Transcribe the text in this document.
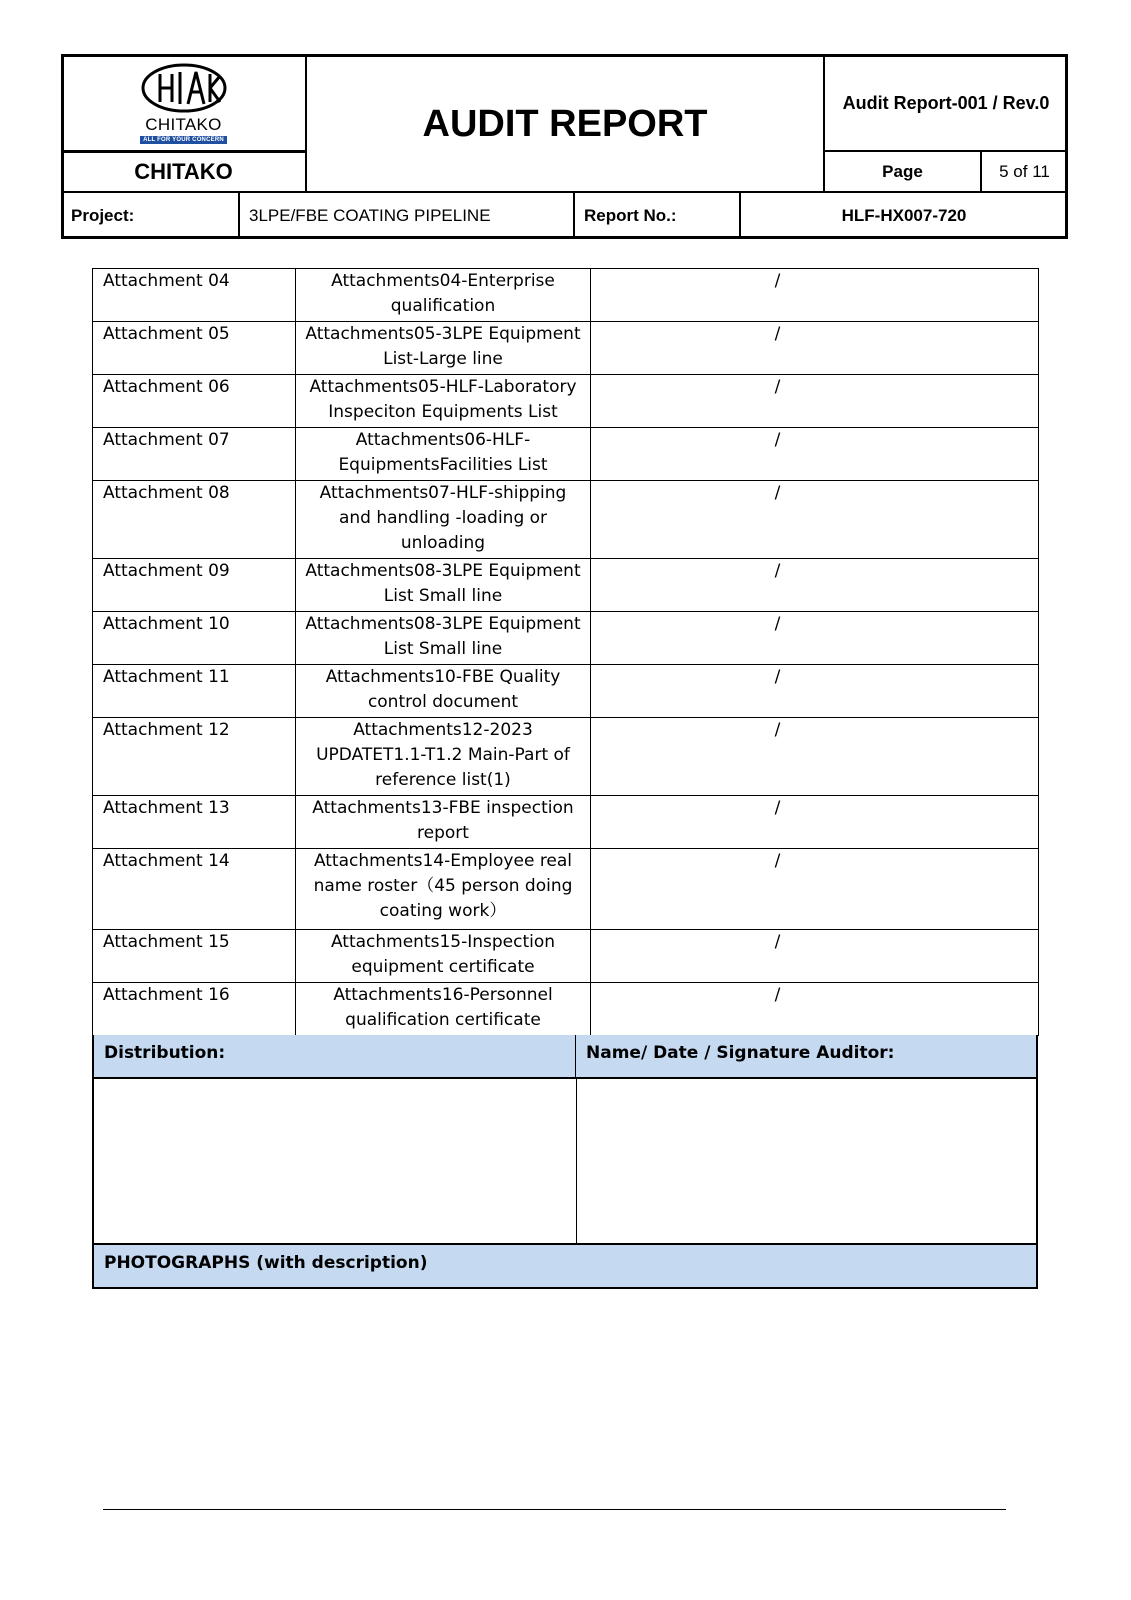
CHITAKO
ALL FOR YOUR CONCERN
CHITAKO
AUDIT REPORT	Audit Report-001 / Rev.0
Page	5 of 11
Project:	3LPE/FBE COATING PIPELINE	Report No.:	HLF-HX007-720
Attachment 04	Attachments04-Enterprise qualification	/
Attachment 05	Attachments05-3LPE Equipment List-Large line	/
Attachment 06	Attachments05-HLF-Laboratory Inspeciton Equipments List	/
Attachment 07	Attachments06-HLF-EquipmentsFacilities List	/
Attachment 08	Attachments07-HLF-shipping and handling -loading or unloading	/
Attachment 09	Attachments08-3LPE Equipment List Small line	/
Attachment 10	Attachments08-3LPE Equipment List Small line	/
Attachment 11	Attachments10-FBE Quality control document	/
Attachment 12	Attachments12-2023 UPDATET1.1-T1.2 Main-Part of reference list(1)	/
Attachment 13	Attachments13-FBE inspection report	/
Attachment 14	Attachments14-Employee real name roster（45 person doing coating work）	/
Attachment 15	Attachments15-Inspection equipment certificate	/
Attachment 16	Attachments16-Personnel qualification certificate	/
Distribution:	Name/ Date / Signature Auditor:
PHOTOGRAPHS (with description)
